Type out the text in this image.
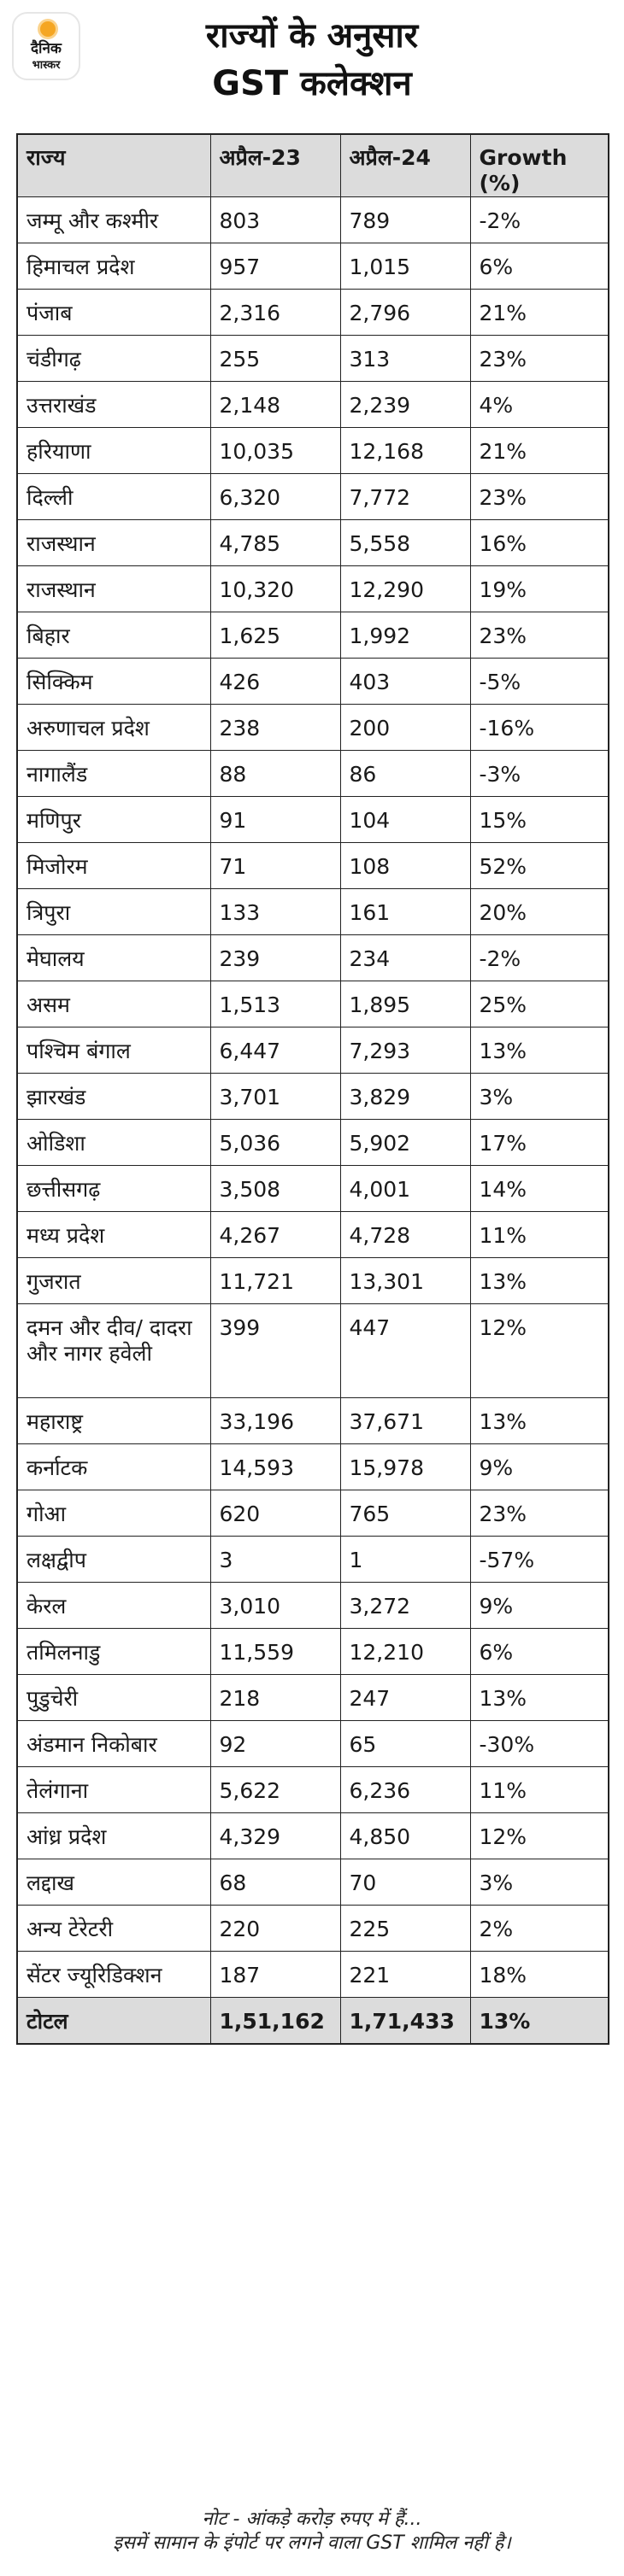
दैनिक
भास्कर
राज्यों के अनुसार
GST कलेक्शन
राज्य	अप्रैल-23	अप्रैल-24	Growth (%)
जम्मू और कश्मीर	803	789	-2%
हिमाचल प्रदेश	957	1,015	6%
पंजाब	2,316	2,796	21%
चंडीगढ़	255	313	23%
उत्तराखंड	2,148	2,239	4%
हरियाणा	10,035	12,168	21%
दिल्ली	6,320	7,772	23%
राजस्थान	4,785	5,558	16%
राजस्थान	10,320	12,290	19%
बिहार	1,625	1,992	23%
सिक्किम	426	403	-5%
अरुणाचल प्रदेश	238	200	-16%
नागालैंड	88	86	-3%
मणिपुर	91	104	15%
मिजोरम	71	108	52%
त्रिपुरा	133	161	20%
मेघालय	239	234	-2%
असम	1,513	1,895	25%
पश्चिम बंगाल	6,447	7,293	13%
झारखंड	3,701	3,829	3%
ओडिशा	5,036	5,902	17%
छत्तीसगढ़	3,508	4,001	14%
मध्य प्रदेश	4,267	4,728	11%
गुजरात	11,721	13,301	13%
दमन और दीव/ दादरा और नागर हवेली	399	447	12%
महाराष्ट्र	33,196	37,671	13%
कर्नाटक	14,593	15,978	9%
गोआ	620	765	23%
लक्षद्वीप	3	1	-57%
केरल	3,010	3,272	9%
तमिलनाडु	11,559	12,210	6%
पुडुचेरी	218	247	13%
अंडमान निकोबार	92	65	-30%
तेलंगाना	5,622	6,236	11%
आंध्र प्रदेश	4,329	4,850	12%
लद्दाख	68	70	3%
अन्य टेरेटरी	220	225	2%
सेंटर ज्यूरिडिक्शन	187	221	18%
टोटल	1,51,162	1,71,433	13%
नोट - आंकड़े करोड़ रुपए में हैं...
इसमें सामान के इंपोर्ट पर लगने वाला GST शामिल नहीं है।
